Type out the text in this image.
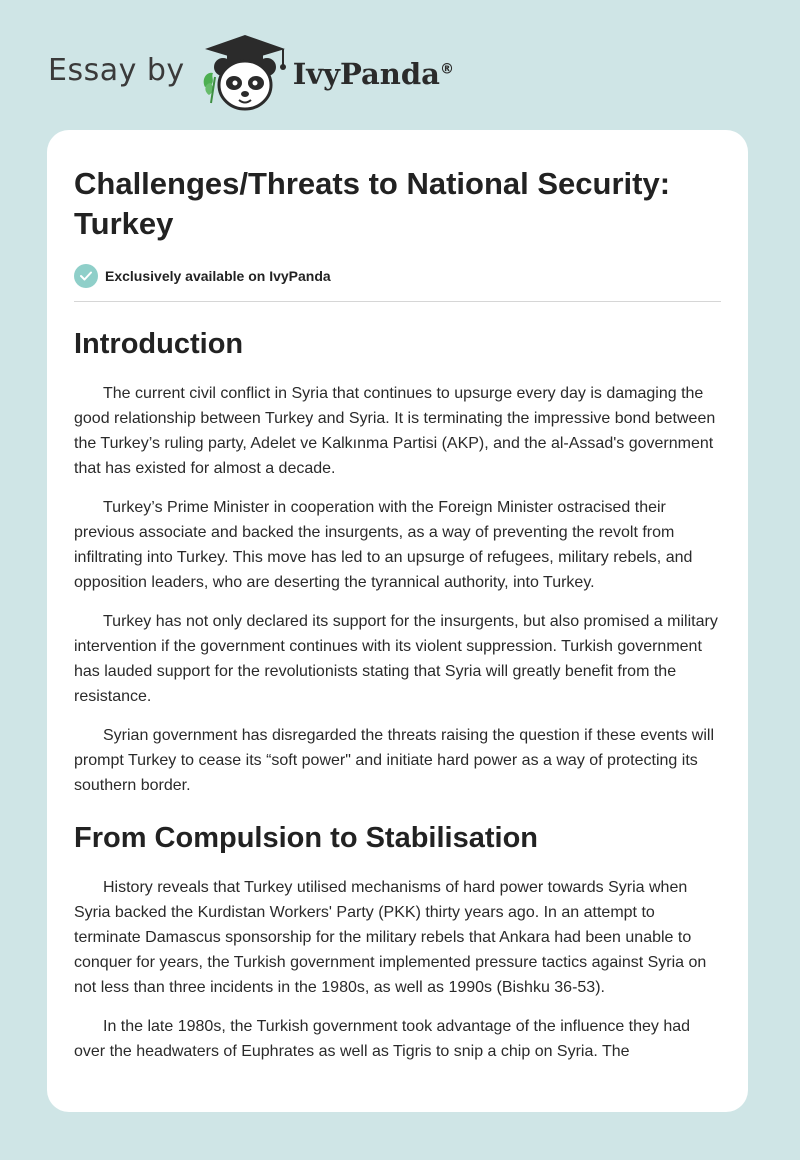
Essay by	IvyPanda®
Challenges/Threats to National Security: Turkey
Exclusively available on IvyPanda
Introduction

The current civil conflict in Syria that continues to upsurge every day is damaging the good relationship between Turkey and Syria. It is terminating the impressive bond between the Turkey’s ruling party, Adelet ve Kalkınma Partisi (AKP), and the al-Assad's government that has existed for almost a decade.

Turkey’s Prime Minister in cooperation with the Foreign Minister ostracised their previous associate and backed the insurgents, as a way of preventing the revolt from infiltrating into Turkey. This move has led to an upsurge of refugees, military rebels, and opposition leaders, who are deserting the tyrannical authority, into Turkey.

Turkey has not only declared its support for the insurgents, but also promised a military intervention if the government continues with its violent suppression. Turkish government has lauded support for the revolutionists stating that Syria will greatly benefit from the resistance.

Syrian government has disregarded the threats raising the question if these events will prompt Turkey to cease its “soft power" and initiate hard power as a way of protecting its southern border.

From Compulsion to Stabilisation

History reveals that Turkey utilised mechanisms of hard power towards Syria when Syria backed the Kurdistan Workers' Party (PKK) thirty years ago. In an attempt to terminate Damascus sponsorship for the military rebels that Ankara had been unable to conquer for years, the Turkish government implemented pressure tactics against Syria on not less than three incidents in the 1980s, as well as 1990s (Bishku 36-53).

In the late 1980s, the Turkish government took advantage of the influence they had over the headwaters of Euphrates as well as Tigris to snip a chip on Syria. The
